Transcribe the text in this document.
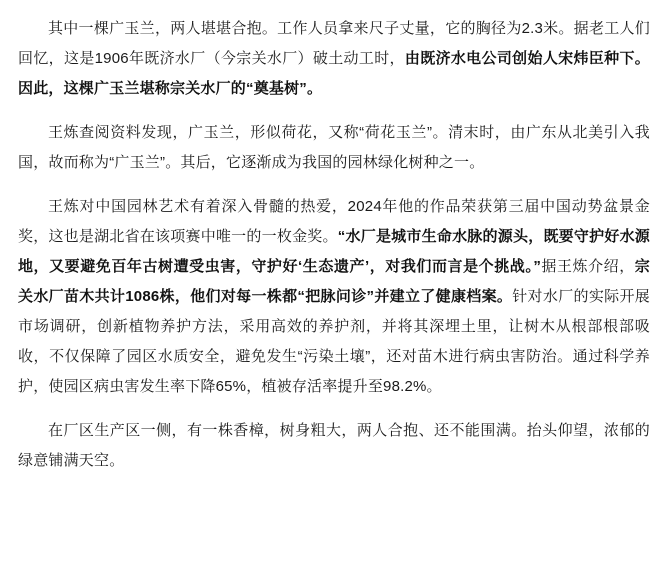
其中一棵广玉兰，两人堪堪合抱。工作人员拿来尺子丈量，它的胸径为2.3米。据老工人们回忆，这是1906年既济水厂（今宗关水厂）破土动工时，由既济水电公司创始人宋炜臣种下。因此，这棵广玉兰堪称宗关水厂的“奠基树”。

王炼查阅资料发现，广玉兰，形似荷花，又称“荷花玉兰”。清末时，由广东从北美引入我国，故而称为“广玉兰”。其后，它逐渐成为我国的园林绿化树种之一。

王炼对中国园林艺术有着深入骨髓的热爱，2024年他的作品荣获第三届中国动势盆景金奖，这也是湖北省在该项赛中唯一的一枚金奖。“水厂是城市生命水脉的源头，既要守护好水源地，又要避免百年古树遭受虫害，守护好‘生态遗产’，对我们而言是个挑战。”据王炼介绍，宗关水厂苗木共计1086株，他们对每一株都“把脉问诊”并建立了健康档案。针对水厂的实际开展市场调研，创新植物养护方法，采用高效的养护剂，并将其深埋土里，让树木从根部根部吸收，不仅保障了园区水质安全，避免发生“污染土壤”，还对苗木进行病虫害防治。通过科学养护，使园区病虫害发生率下降65%，植被存活率提升至98.2%。

在厂区生产区一侧，有一株香樟，树身粗大，两人合抱、还不能围满。抬头仰望，浓郁的绿意铺满天空。
